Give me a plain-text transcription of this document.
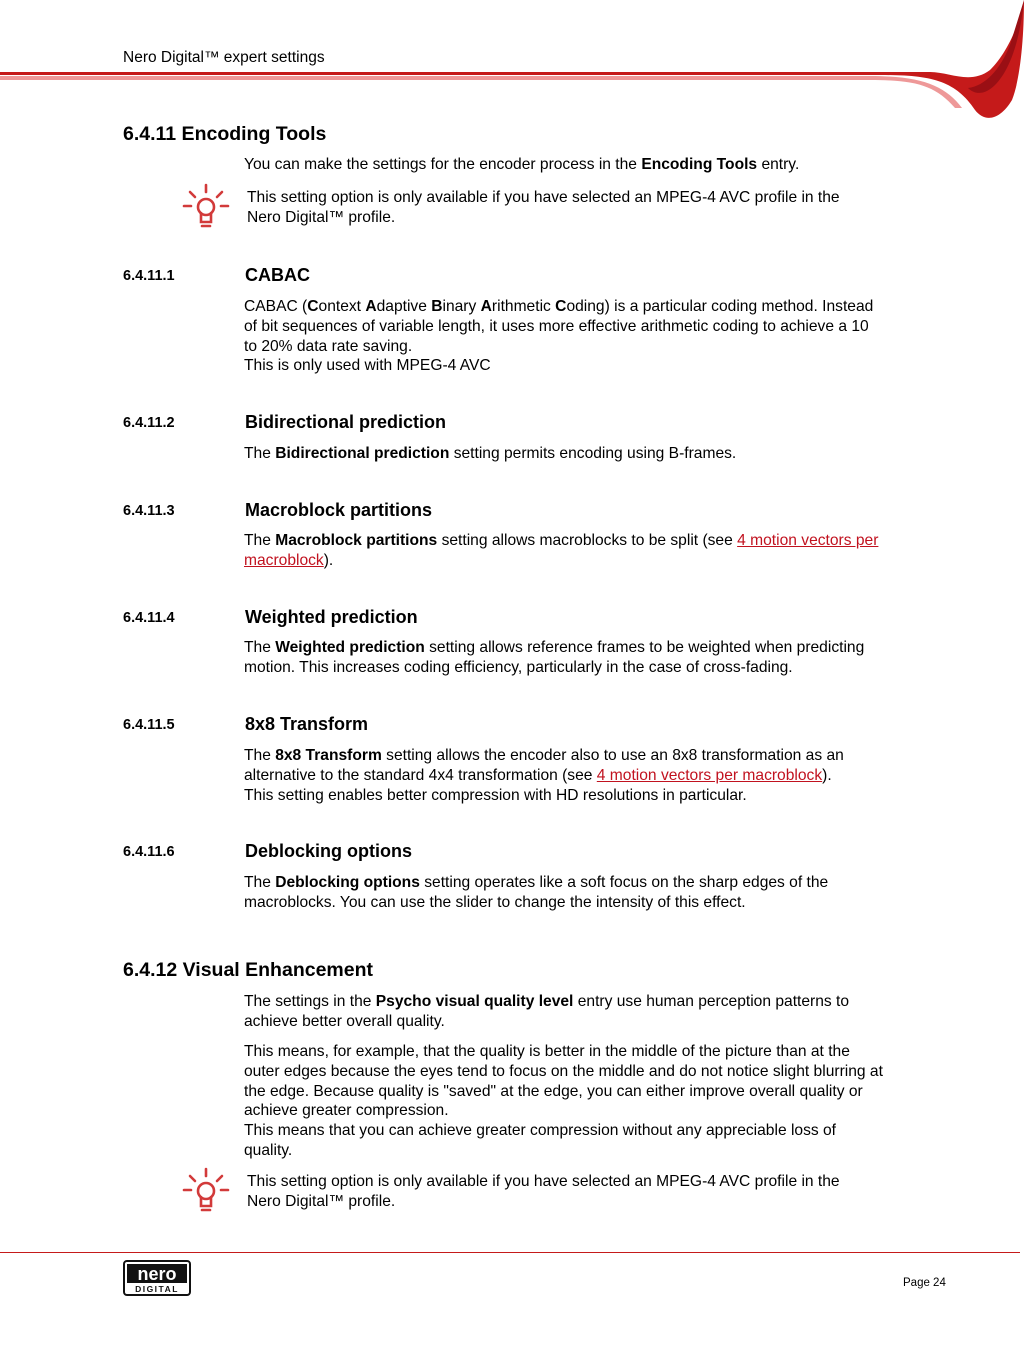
Nero Digital™ expert settings
6.4.11 Encoding Tools
You can make the settings for the encoder process in the Encoding Tools entry.
This setting option is only available if you have selected an MPEG-4 AVC profile in the
Nero Digital™ profile.
6.4.11.1	CABAC
CABAC (Context Adaptive Binary Arithmetic Coding) is a particular coding method. Instead
of bit sequences of variable length, it uses more effective arithmetic coding to achieve a 10
to 20% data rate saving.
This is only used with MPEG-4 AVC
6.4.11.2	Bidirectional prediction
The Bidirectional prediction setting permits encoding using B-frames.
6.4.11.3	Macroblock partitions
The Macroblock partitions setting allows macroblocks to be split (see 4 motion vectors per
macroblock).
6.4.11.4	Weighted prediction
The Weighted prediction setting allows reference frames to be weighted when predicting
motion. This increases coding efficiency, particularly in the case of cross-fading.
6.4.11.5	8x8 Transform
The 8x8 Transform setting allows the encoder also to use an 8x8 transformation as an
alternative to the standard 4x4 transformation (see 4 motion vectors per macroblock).
This setting enables better compression with HD resolutions in particular.
6.4.11.6	Deblocking options
The Deblocking options setting operates like a soft focus on the sharp edges of the
macroblocks. You can use the slider to change the intensity of this effect.
6.4.12 Visual Enhancement
The settings in the Psycho visual quality level entry use human perception patterns to
achieve better overall quality.
This means, for example, that the quality is better in the middle of the picture than at the
outer edges because the eyes tend to focus on the middle and do not notice slight blurring at
the edge. Because quality is "saved" at the edge, you can either improve overall quality or
achieve greater compression.
This means that you can achieve greater compression without any appreciable loss of
quality.
This setting option is only available if you have selected an MPEG-4 AVC profile in the
Nero Digital™ profile.
nero
DIGITAL	Page 24
